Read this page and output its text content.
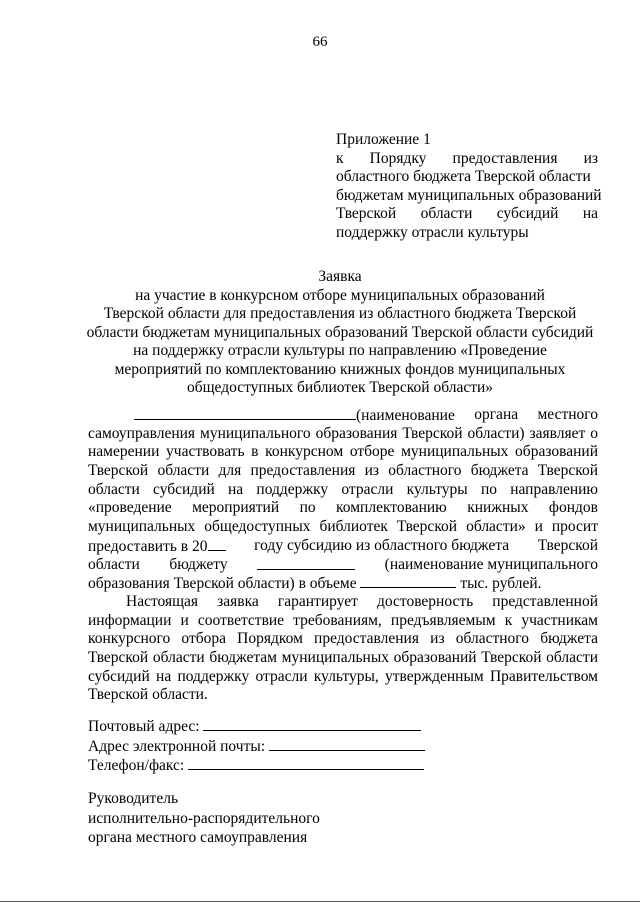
66
Приложение 1
к Порядку предоставления из
областного бюджета Тверской области
бюджетам муниципальных образований
Тверской области субсидий на
поддержку отрасли культуры
Заявка
на участие в конкурсном отборе муниципальных образований
Тверской области для предоставления из областного бюджета Тверской
области бюджетам муниципальных образований Тверской области субсидий
на поддержку отрасли культуры по направлению «Проведение
мероприятий по комплектованию книжных фондов муниципальных
общедоступных библиотек Тверской области»
(наименование органа местного
самоуправления муниципального образования Тверской области) заявляет о
намерении участвовать в конкурсном отборе муниципальных образований
Тверской области для предоставления из областного бюджета Тверской
области субсидий на поддержку отрасли культуры по направлению
«проведение мероприятий по комплектованию книжных фондов
муниципальных общедоступных библиотек Тверской области» и просит
предоставить в 20	году субсидию из областного бюджета Тверской
области бюджету	(наименование муниципального
образования Тверской области) в объеме	тыс. рублей.
Настоящая заявка гарантирует достоверность представленной
информации и соответствие требованиям, предъявляемым к участникам
конкурсного отбора Порядком предоставления из областного бюджета
Тверской области бюджетам муниципальных образований Тверской области
субсидий на поддержку отрасли культуры, утвержденным Правительством
Тверской области.
Почтовый адрес:
Адрес электронной почты:
Телефон/факс:
Руководитель
исполнительно-распорядительного
органа местного самоуправления
